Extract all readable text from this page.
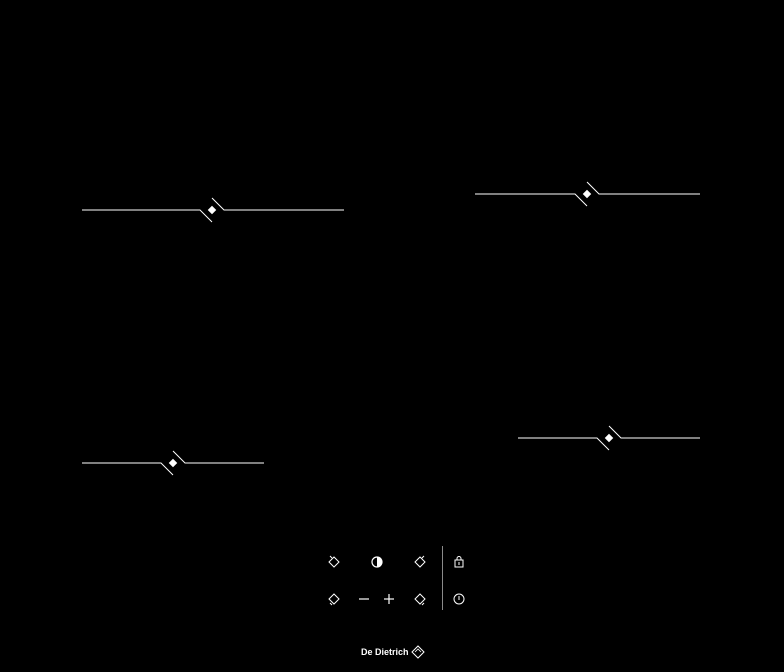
De Dietrich
